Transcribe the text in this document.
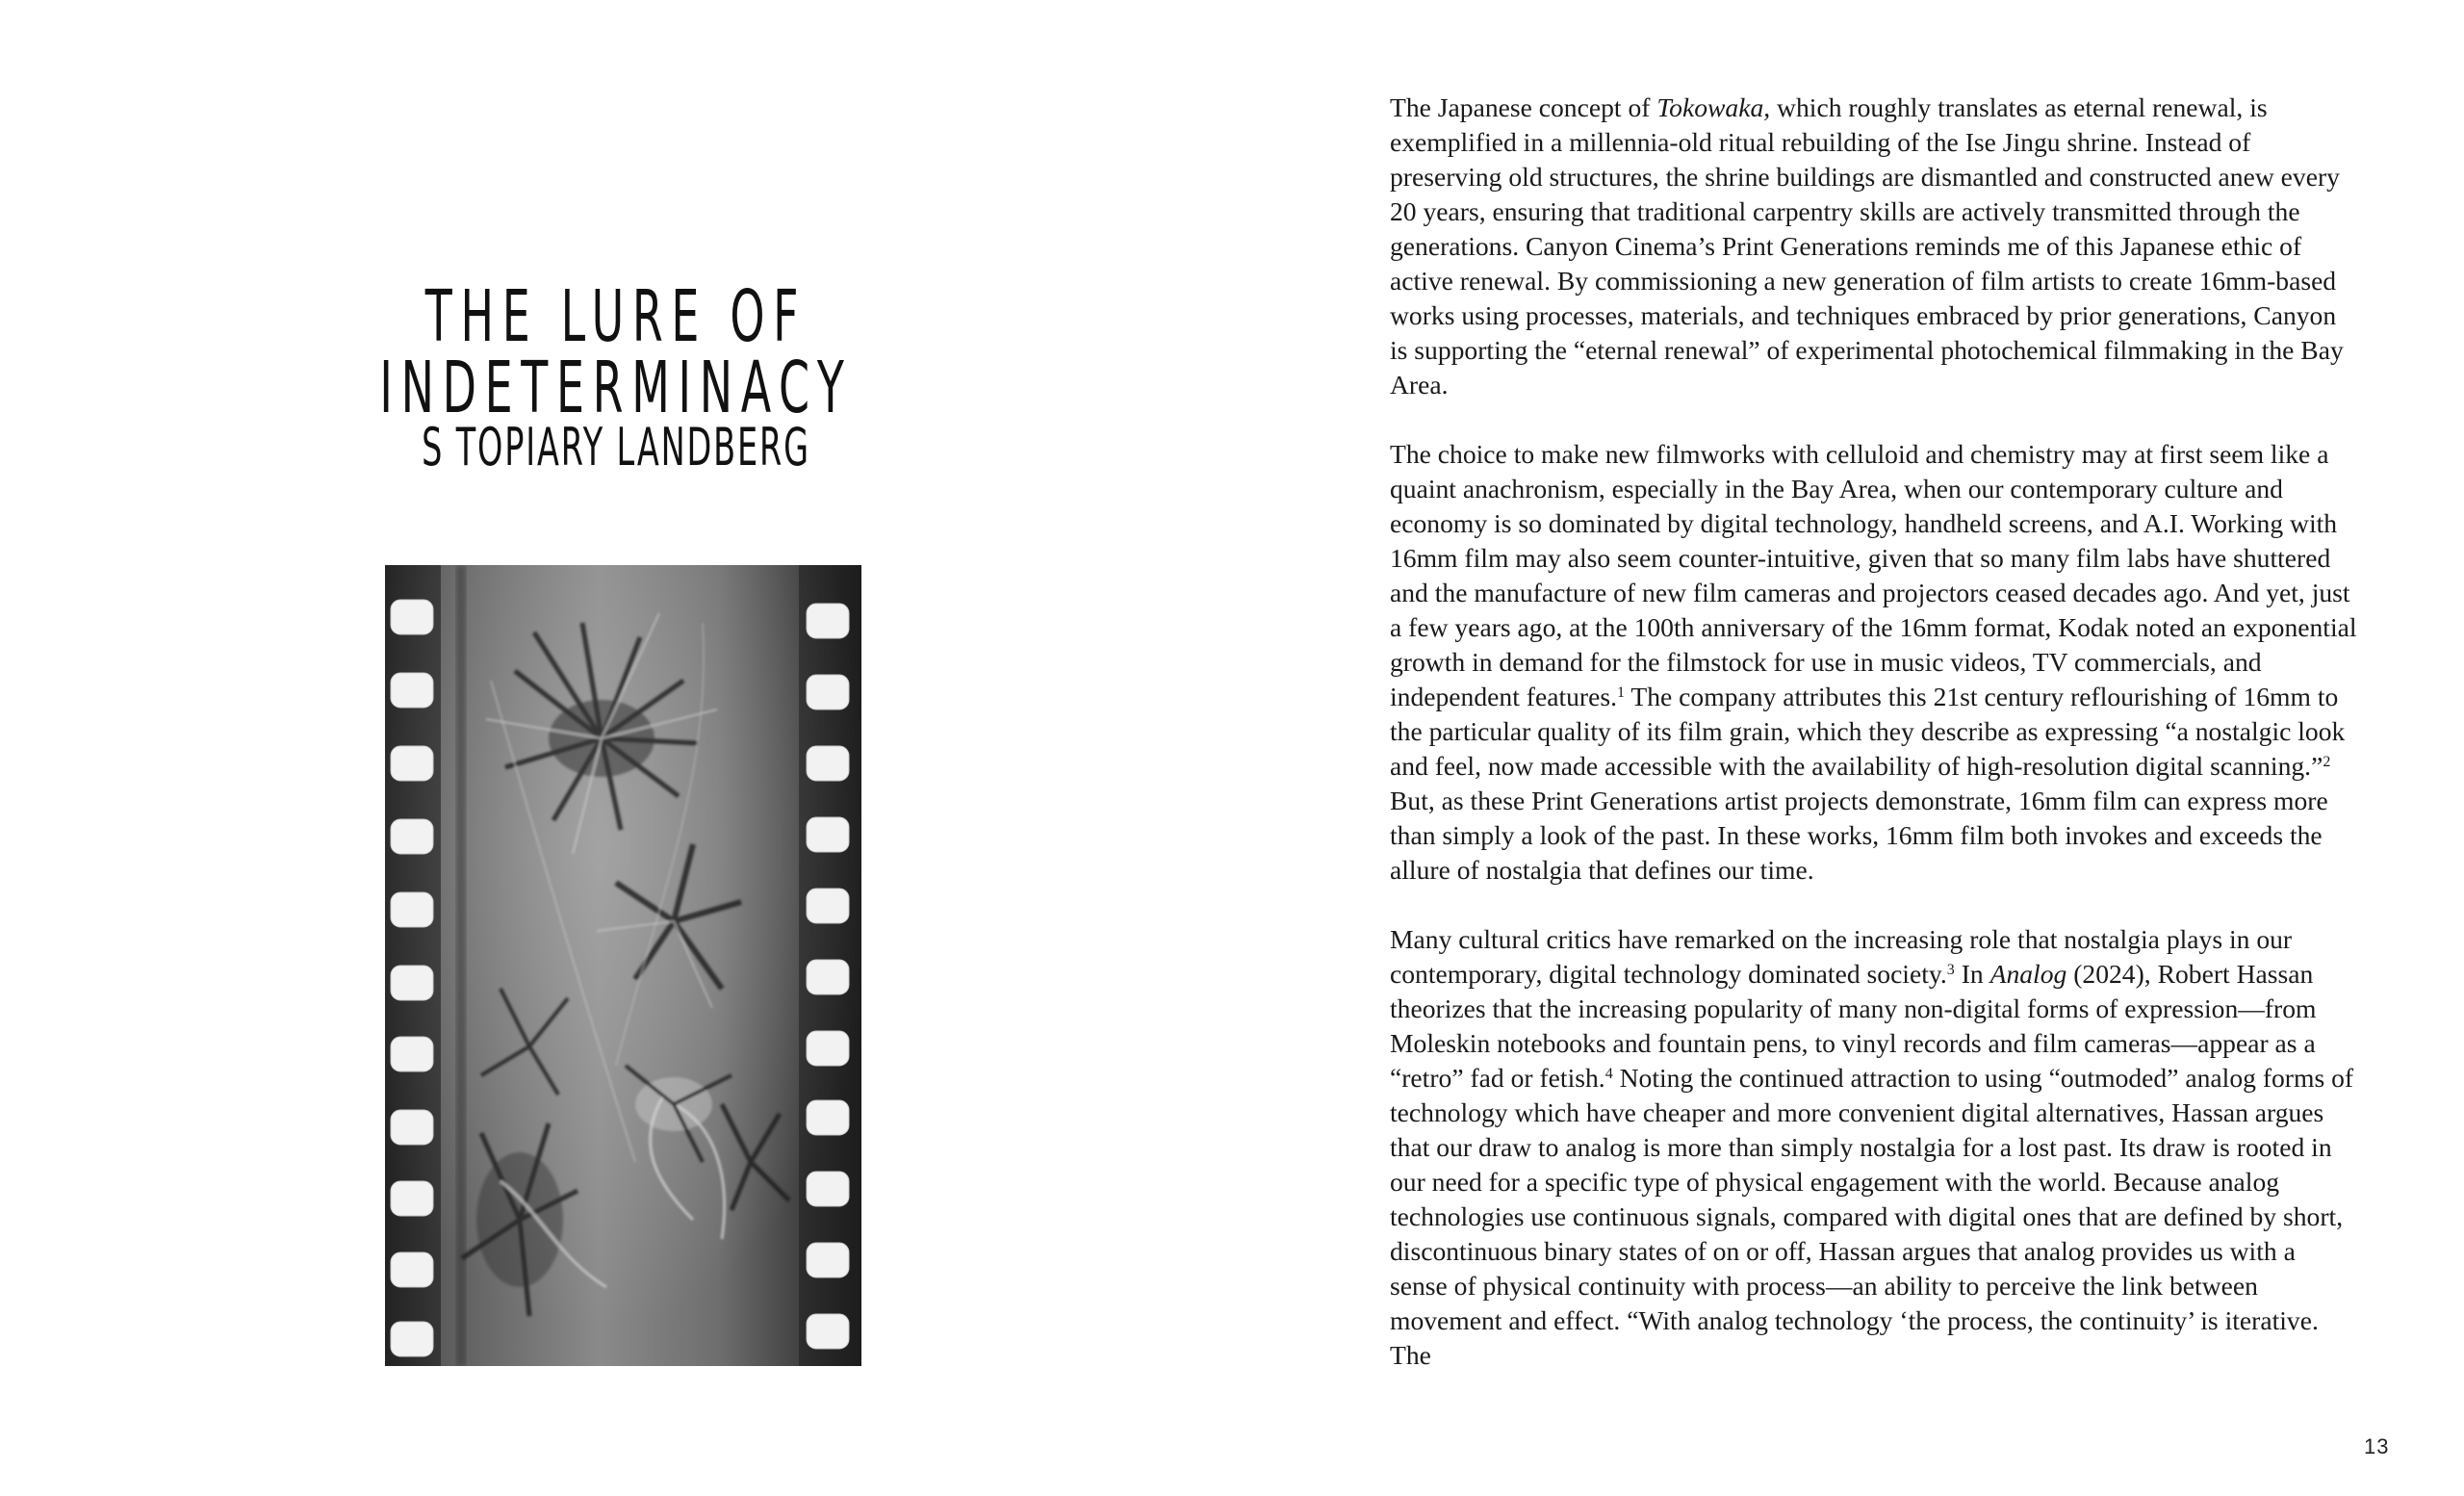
THE LURE OF INDETERMINACY
S TOPIARY LANDBERG

The Japanese concept of Tokowaka, which roughly translates as eternal renewal, is exemplified in a millennia-old ritual rebuilding of the Ise Jingu shrine. Instead of preserving old structures, the shrine buildings are dismantled and constructed anew every 20 years, ensuring that traditional carpentry skills are actively transmitted through the generations. Canyon Cinema’s Print Generations reminds me of this Japanese ethic of active renewal. By commissioning a new generation of film artists to create 16mm-based works using processes, materials, and techniques embraced by prior generations, Canyon is supporting the “eternal renewal” of experimental photochemical filmmaking in the Bay Area.

The choice to make new filmworks with celluloid and chemistry may at first seem like a quaint anachronism, especially in the Bay Area, when our contemporary culture and economy is so dominated by digital technology, handheld screens, and A.I. Working with 16mm film may also seem counter-intuitive, given that so many film labs have shuttered and the manufacture of new film cameras and projectors ceased decades ago. And yet, just a few years ago, at the 100th anniversary of the 16mm format, Kodak noted an exponential growth in demand for the filmstock for use in music videos, TV commercials, and independent features.$^1$ The company attributes this 21st century reflourishing of 16mm to the particular quality of its film grain, which they describe as expressing “a nostalgic look and feel, now made accessible with the availability of high-resolution digital scanning.”$^2$ But, as these Print Generations artist projects demonstrate, 16mm film can express more than simply a look of the past. In these works, 16mm film both invokes and exceeds the allure of nostalgia that defines our time.

Many cultural critics have remarked on the increasing role that nostalgia plays in our contemporary, digital technology dominated society.$^3$ In Analog (2024), Robert Hassan theorizes that the increasing popularity of many non-digital forms of expression—from Moleskin notebooks and fountain pens, to vinyl records and film cameras—appear as a “retro” fad or fetish.$^4$ Noting the continued attraction to using “outmoded” analog forms of technology which have cheaper and more convenient digital alternatives, Hassan argues that our draw to analog is more than simply nostalgia for a lost past. Its draw is rooted in our need for a specific type of physical engagement with the world. Because analog technologies use continuous signals, compared with digital ones that are defined by short, discontinuous binary states of on or off, Hassan argues that analog provides us with a sense of physical continuity with process—an ability to perceive the link between movement and effect. “With analog technology ‘the process, the continuity’ is iterative. The

13
